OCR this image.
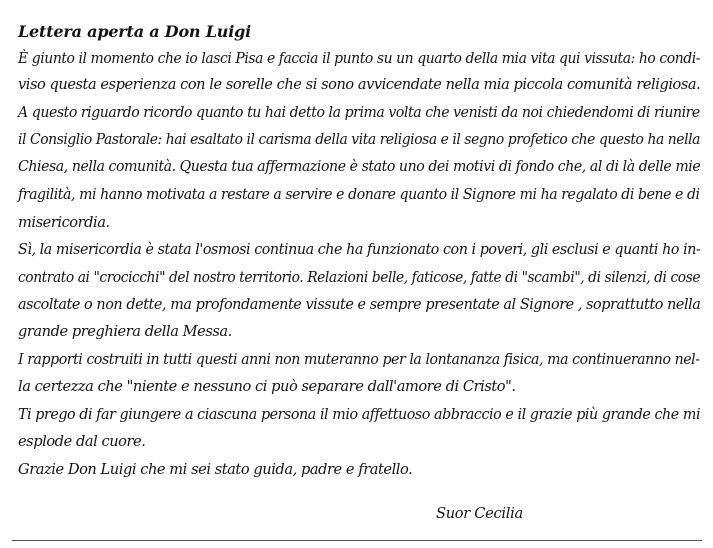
Lettera aperta a Don Luigi
È giunto il momento che io lasci Pisa e faccia il punto su un quarto della mia vita qui vissuta: ho condi-
viso questa esperienza con le sorelle che si sono avvicendate nella mia piccola comunità religiosa.
A questo riguardo ricordo quanto tu hai detto la prima volta che venisti da noi chiedendomi di riunire
il Consiglio Pastorale: hai esaltato il carisma della vita religiosa e il segno profetico che questo ha nella
Chiesa, nella comunità. Questa tua affermazione è stato uno dei motivi di fondo che, al di là delle mie
fragilità, mi hanno motivata a restare a servire e donare quanto il Signore mi ha regalato di bene e di
misericordia.
Sì, la misericordia è stata l'osmosi continua che ha funzionato con i poveri, gli esclusi e quanti ho in-
contrato ai "crocicchi" del nostro territorio. Relazioni belle, faticose, fatte di "scambi", di silenzi, di cose
ascoltate o non dette, ma profondamente vissute e sempre presentate al Signore , soprattutto nella
grande preghiera della Messa.
I rapporti costruiti in tutti questi anni non muteranno per la lontananza fisica, ma continueranno nel-
la certezza che "niente e nessuno ci può separare dall'amore di Cristo".
Ti prego di far giungere a ciascuna persona il mio affettuoso abbraccio e il grazie più grande che mi
esplode dal cuore.
Grazie Don Luigi che mi sei stato guida, padre e fratello.
Suor Cecilia
